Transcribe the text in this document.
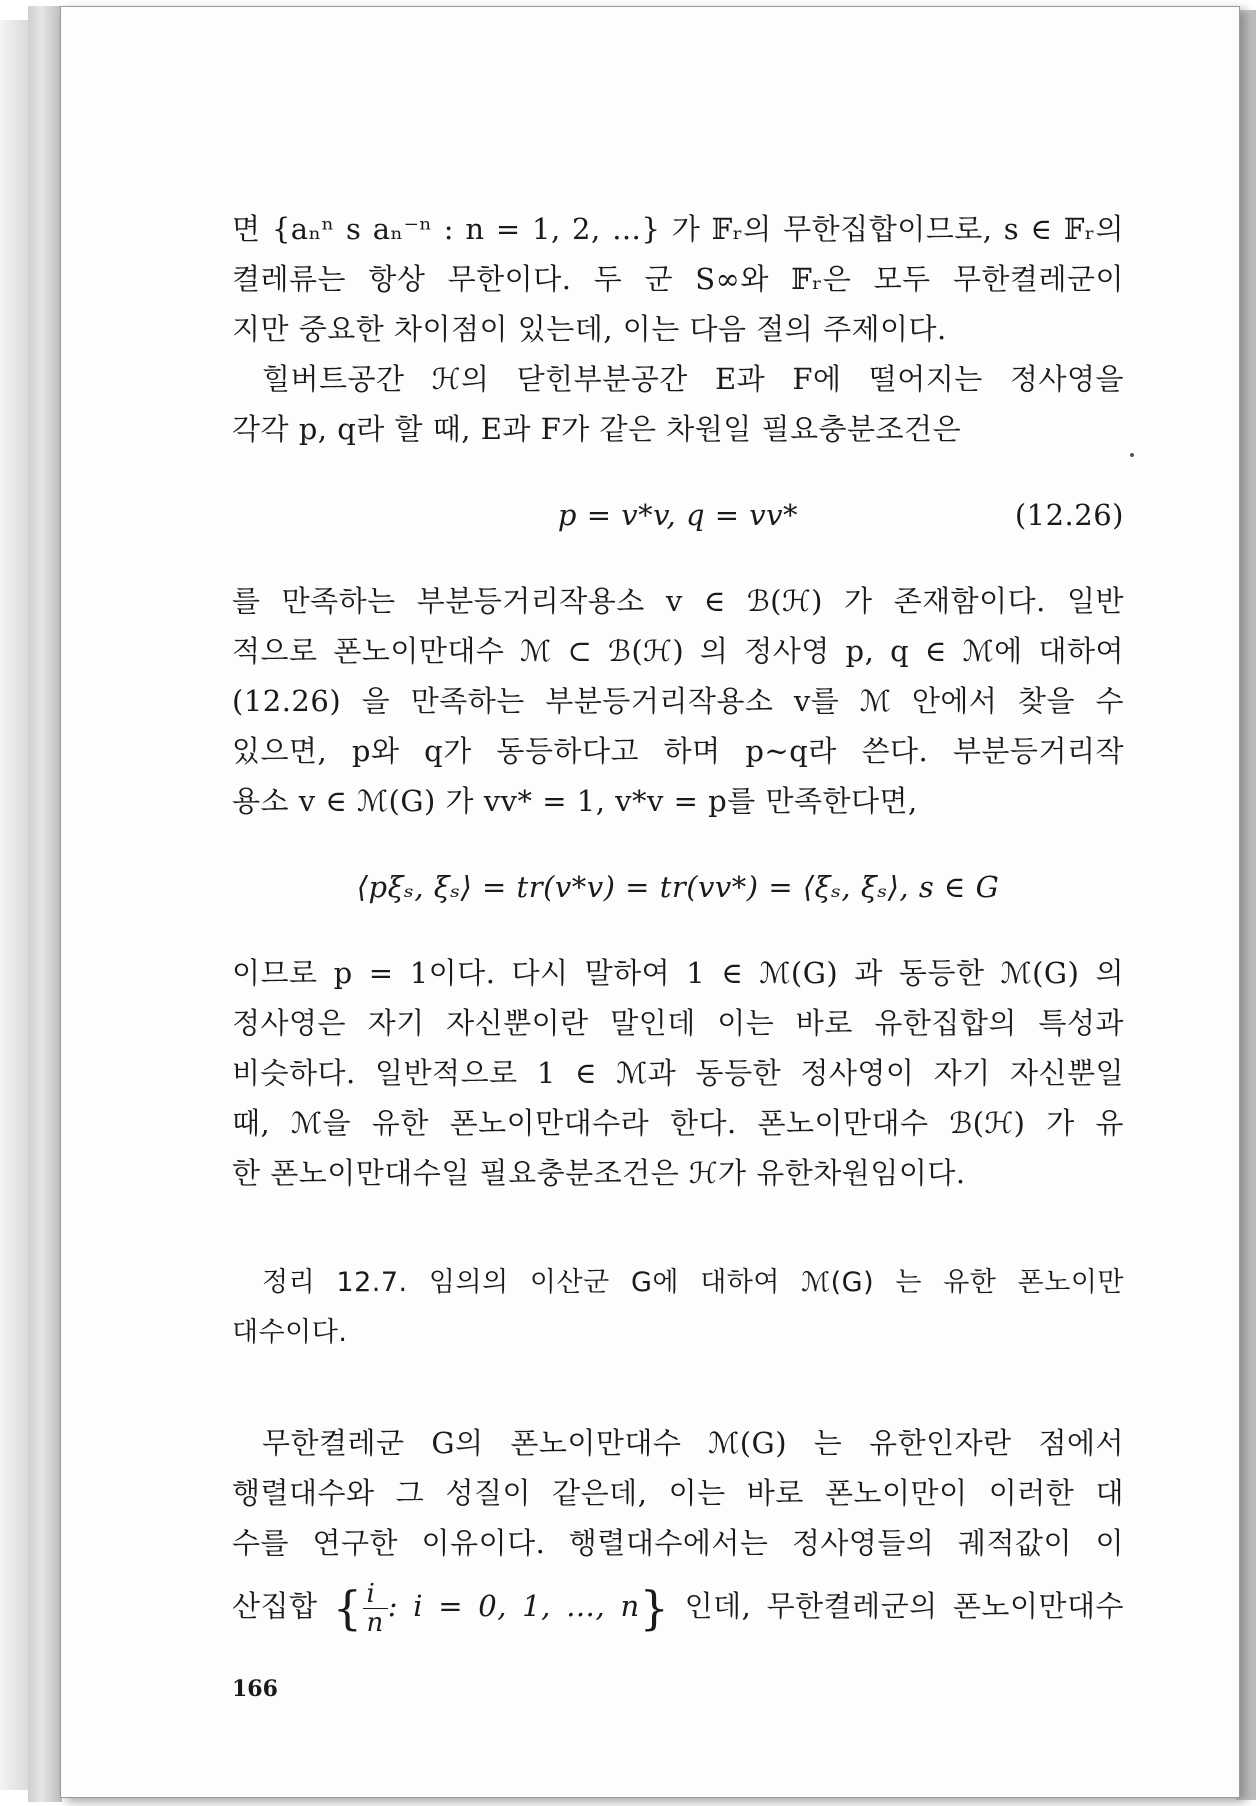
면 {aₙⁿ s aₙ⁻ⁿ : n = 1, 2, …} 가 𝔽ᵣ의 무한집합이므로, s ∈ 𝔽ᵣ의
켤레류는 항상 무한이다. 두 군 S∞와 𝔽ᵣ은 모두 무한켤레군이
지만 중요한 차이점이 있는데, 이는 다음 절의 주제이다.
힐버트공간 ℋ의 닫힌부분공간 E과 F에 떨어지는 정사영을
각각 p, q라 할 때, E과 F가 같은 차원일 필요충분조건은
p = v*v, q = vv*	(12.26)
를 만족하는 부분등거리작용소 v ∈ ℬ(ℋ) 가 존재함이다. 일반
적으로 폰노이만대수 ℳ ⊂ ℬ(ℋ) 의 정사영 p, q ∈ ℳ에 대하여
(12.26) 을 만족하는 부분등거리작용소 v를 ℳ 안에서 찾을 수
있으면, p와 q가 동등하다고 하며 p∼q라 쓴다. 부분등거리작
용소 v ∈ ℳ(G) 가 vv* = 1, v*v = p를 만족한다면,
⟨pξₛ, ξₛ⟩ = tr(v*v) = tr(vv*) = ⟨ξₛ, ξₛ⟩, s ∈ G
이므로 p = 1이다. 다시 말하여 1 ∈ ℳ(G) 과 동등한 ℳ(G) 의
정사영은 자기 자신뿐이란 말인데 이는 바로 유한집합의 특성과
비슷하다. 일반적으로 1 ∈ ℳ과 동등한 정사영이 자기 자신뿐일
때, ℳ을 유한 폰노이만대수라 한다. 폰노이만대수 ℬ(ℋ) 가 유
한 폰노이만대수일 필요충분조건은 ℋ가 유한차원임이다.
정리 12.7. 임의의 이산군 G에 대하여 ℳ(G) 는 유한 폰노이만
대수이다.
무한켤레군 G의 폰노이만대수 ℳ(G) 는 유한인자란 점에서
행렬대수와 그 성질이 같은데, 이는 바로 폰노이만이 이러한 대
수를 연구한 이유이다. 행렬대수에서는 정사영들의 궤적값이 이
산집합 { $\frac{i}{n}$ : i = 0, 1, …, n} 인데, 무한켤레군의 폰노이만대수
166
